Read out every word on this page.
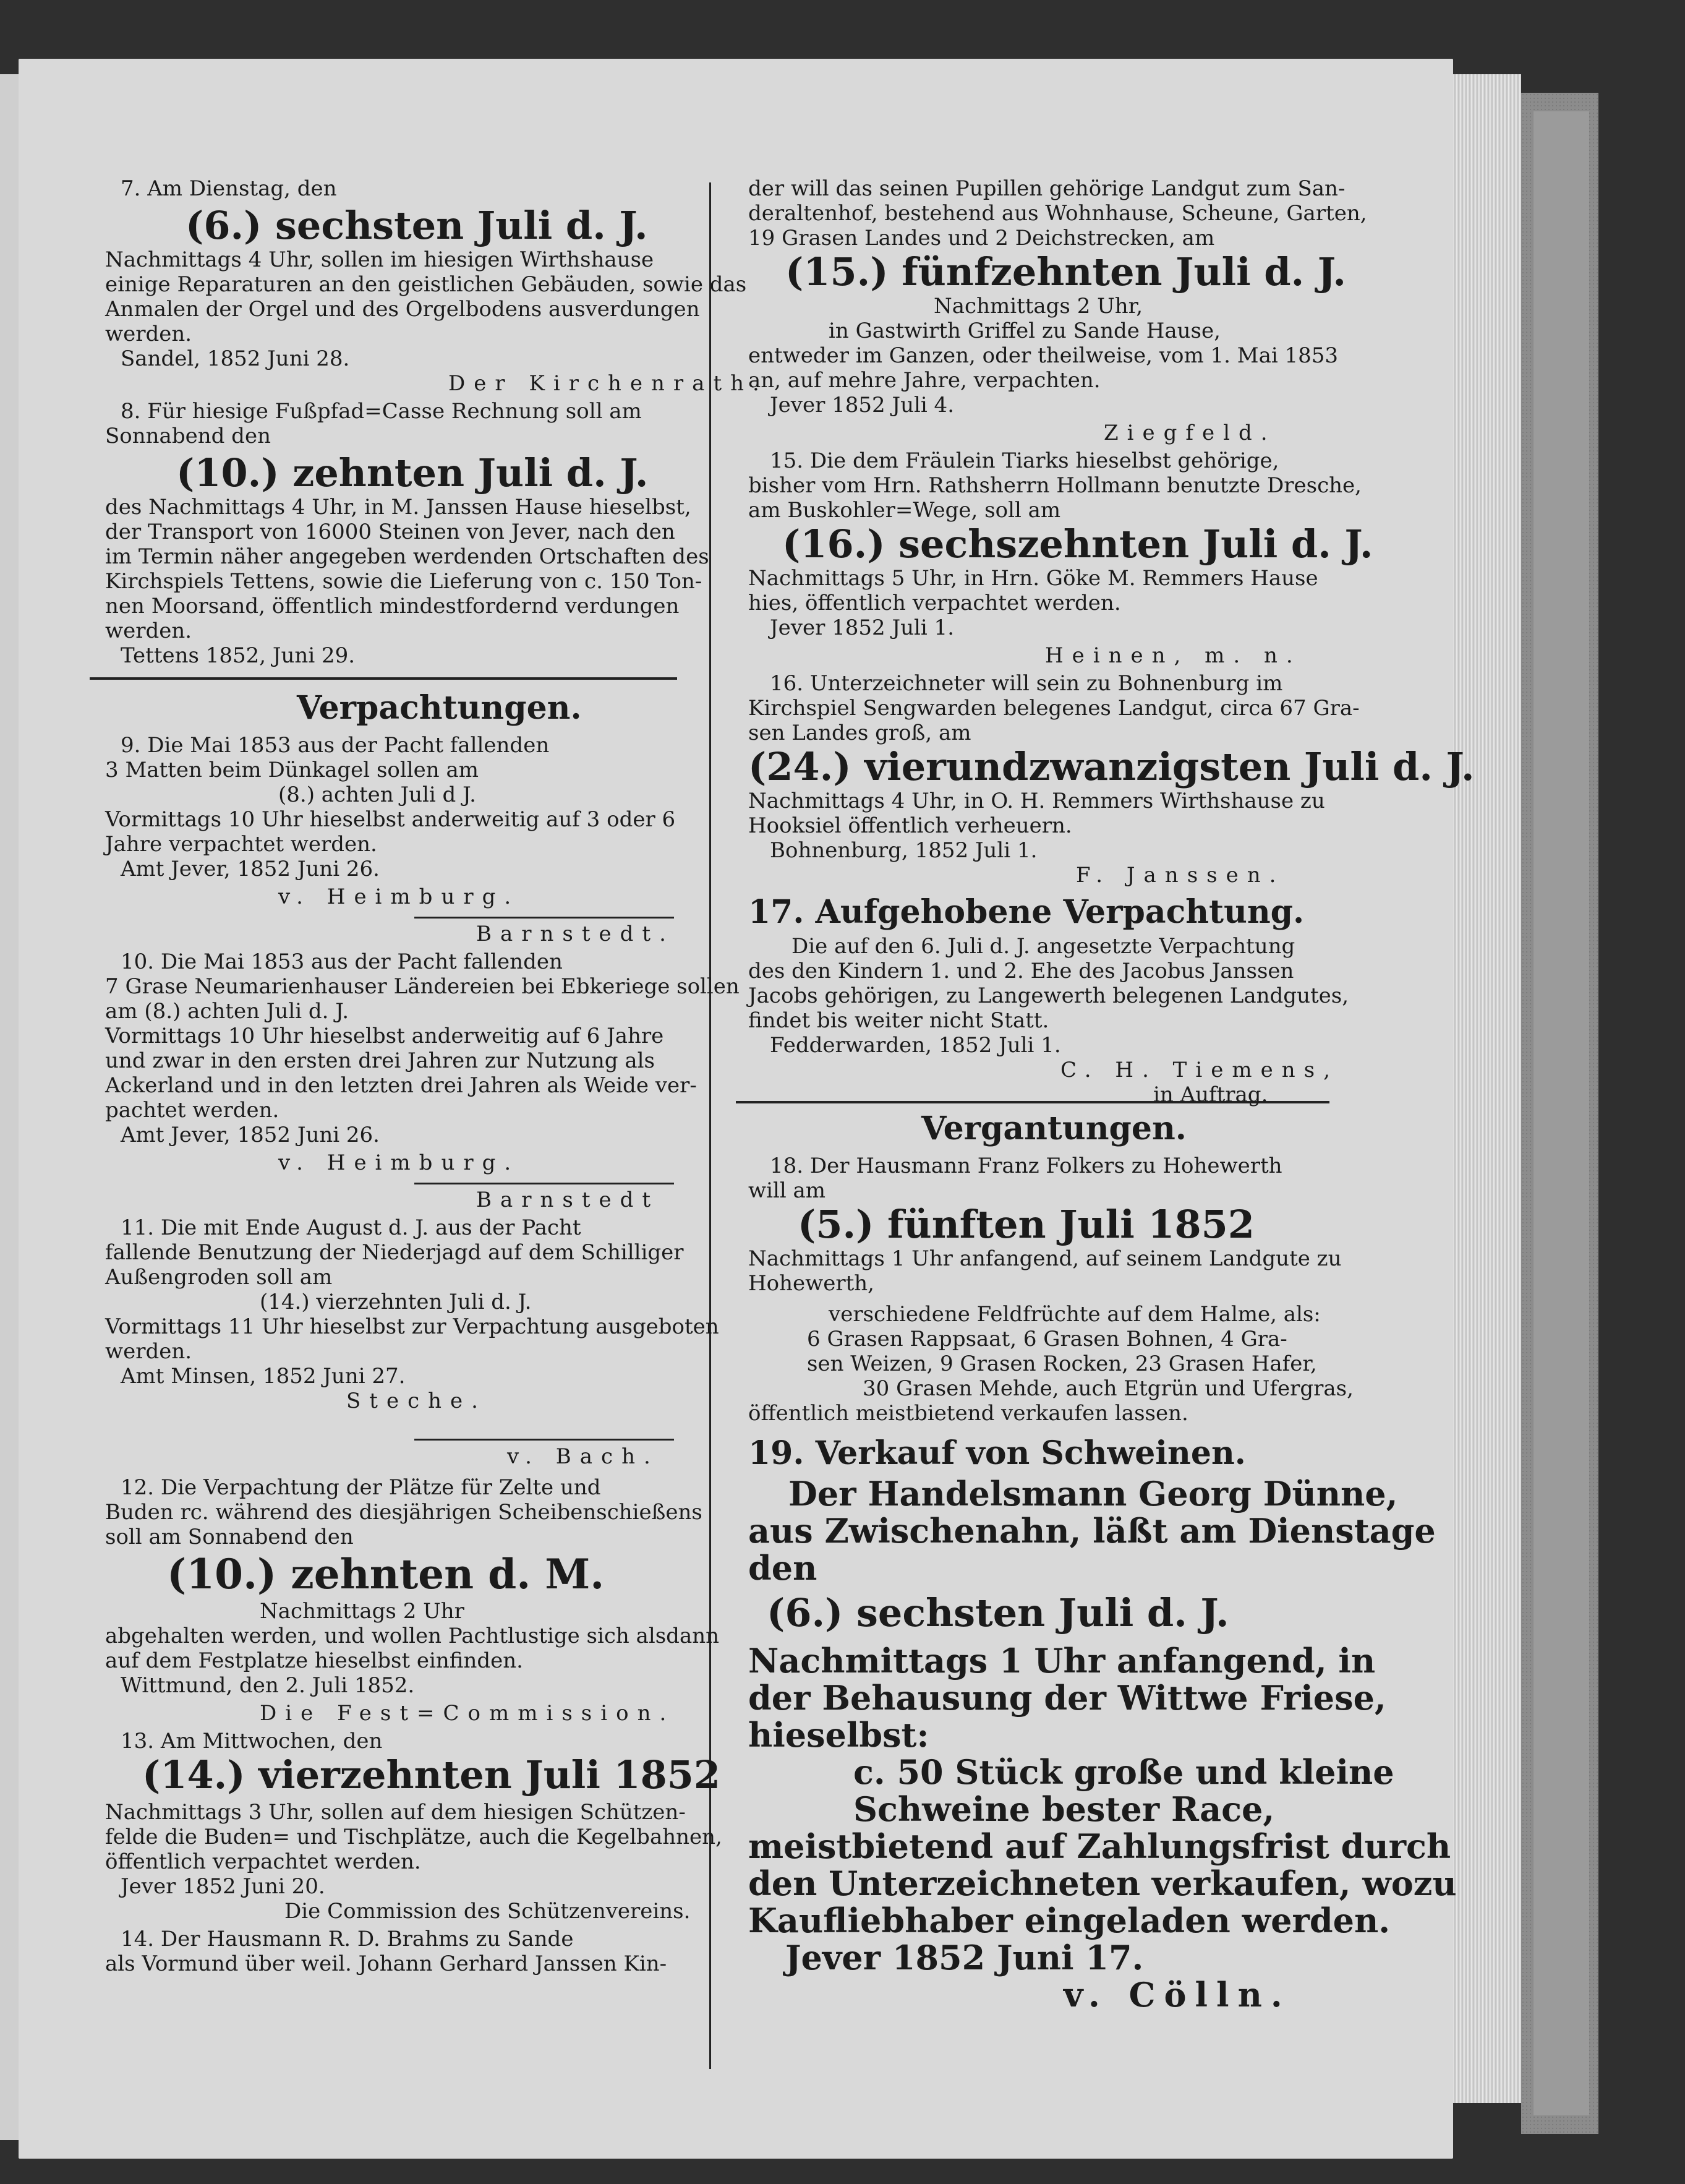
7. Am Dienstag, den
(6.) sechsten Juli d. J.
Nachmittags 4 Uhr, sollen im hiesigen Wirthshause
einige Reparaturen an den geistlichen Gebäuden, sowie das
Anmalen der Orgel und des Orgelbodens ausverdungen
werden.
Sandel, 1852 Juni 28.
Der Kirchenrath.
8. Für hiesige Fußpfad=Casse Rechnung soll am
Sonnabend den
(10.) zehnten Juli d. J.
des Nachmittags 4 Uhr, in M. Janssen Hause hieselbst,
der Transport von 16000 Steinen von Jever, nach den
im Termin näher angegeben werdenden Ortschaften des
Kirchspiels Tettens, sowie die Lieferung von c. 150 Ton-
nen Moorsand, öffentlich mindestfordernd verdungen
werden.
Tettens 1852, Juni 29.
Verpachtungen.
9. Die Mai 1853 aus der Pacht fallenden
3 Matten beim Dünkagel sollen am
(8.) achten Juli d J.
Vormittags 10 Uhr hieselbst anderweitig auf 3 oder 6
Jahre verpachtet werden.
Amt Jever, 1852 Juni 26.
v. Heimburg.
Barnstedt.
10. Die Mai 1853 aus der Pacht fallenden
7 Grase Neumarienhauser Ländereien bei Ebkeriege sollen
am (8.) achten Juli d. J.
Vormittags 10 Uhr hieselbst anderweitig auf 6 Jahre
und zwar in den ersten drei Jahren zur Nutzung als
Ackerland und in den letzten drei Jahren als Weide ver-
pachtet werden.
Amt Jever, 1852 Juni 26.
v. Heimburg.
Barnstedt
11. Die mit Ende August d. J. aus der Pacht
fallende Benutzung der Niederjagd auf dem Schilliger
Außengroden soll am
(14.) vierzehnten Juli d. J.
Vormittags 11 Uhr hieselbst zur Verpachtung ausgeboten
werden.
Amt Minsen, 1852 Juni 27.
Steche.
v. Bach.
12. Die Verpachtung der Plätze für Zelte und
Buden rc. während des diesjährigen Scheibenschießens
soll am Sonnabend den
(10.) zehnten d. M.
Nachmittags 2 Uhr
abgehalten werden, und wollen Pachtlustige sich alsdann
auf dem Festplatze hieselbst einfinden.
Wittmund, den 2. Juli 1852.
Die Fest=Commission.
13. Am Mittwochen, den
(14.) vierzehnten Juli 1852
Nachmittags 3 Uhr, sollen auf dem hiesigen Schützen-
felde die Buden= und Tischplätze, auch die Kegelbahnen,
öffentlich verpachtet werden.
Jever 1852 Juni 20.
Die Commission des Schützenvereins.
14. Der Hausmann R. D. Brahms zu Sande
als Vormund über weil. Johann Gerhard Janssen Kin-
der will das seinen Pupillen gehörige Landgut zum San-
deraltenhof, bestehend aus Wohnhause, Scheune, Garten,
19 Grasen Landes und 2 Deichstrecken, am
(15.) fünfzehnten Juli d. J.
Nachmittags 2 Uhr,
in Gastwirth Griffel zu Sande Hause,
entweder im Ganzen, oder theilweise, vom 1. Mai 1853
an, auf mehre Jahre, verpachten.
Jever 1852 Juli 4.
Ziegfeld.
15. Die dem Fräulein Tiarks hieselbst gehörige,
bisher vom Hrn. Rathsherrn Hollmann benutzte Dresche,
am Buskohler=Wege, soll am
(16.) sechszehnten Juli d. J.
Nachmittags 5 Uhr, in Hrn. Göke M. Remmers Hause
hies, öffentlich verpachtet werden.
Jever 1852 Juli 1.
Heinen, m. n.
16. Unterzeichneter will sein zu Bohnenburg im
Kirchspiel Sengwarden belegenes Landgut, circa 67 Gra-
sen Landes groß, am
(24.) vierundzwanzigsten Juli d. J.
Nachmittags 4 Uhr, in O. H. Remmers Wirthshause zu
Hooksiel öffentlich verheuern.
Bohnenburg, 1852 Juli 1.
F. Janssen.
17. Aufgehobene Verpachtung.
Die auf den 6. Juli d. J. angesetzte Verpachtung
des den Kindern 1. und 2. Ehe des Jacobus Janssen
Jacobs gehörigen, zu Langewerth belegenen Landgutes,
findet bis weiter nicht Statt.
Fedderwarden, 1852 Juli 1.
C. H. Tiemens,
in Auftrag.
Vergantungen.
18. Der Hausmann Franz Folkers zu Hohewerth
will am
(5.) fünften Juli 1852
Nachmittags 1 Uhr anfangend, auf seinem Landgute zu
Hohewerth,
verschiedene Feldfrüchte auf dem Halme, als:
6 Grasen Rappsaat, 6 Grasen Bohnen, 4 Gra-
sen Weizen, 9 Grasen Rocken, 23 Grasen Hafer,
30 Grasen Mehde, auch Etgrün und Ufergras,
öffentlich meistbietend verkaufen lassen.
19. Verkauf von Schweinen.
Der Handelsmann Georg Dünne,
aus Zwischenahn, läßt am Dienstage
den
(6.) sechsten Juli d. J.
Nachmittags 1 Uhr anfangend, in
der Behausung der Wittwe Friese,
hieselbst:
c. 50 Stück große und kleine
Schweine bester Race,
meistbietend auf Zahlungsfrist durch
den Unterzeichneten verkaufen, wozu
Kaufliebhaber eingeladen werden.
Jever 1852 Juni 17.
v. Cölln.
